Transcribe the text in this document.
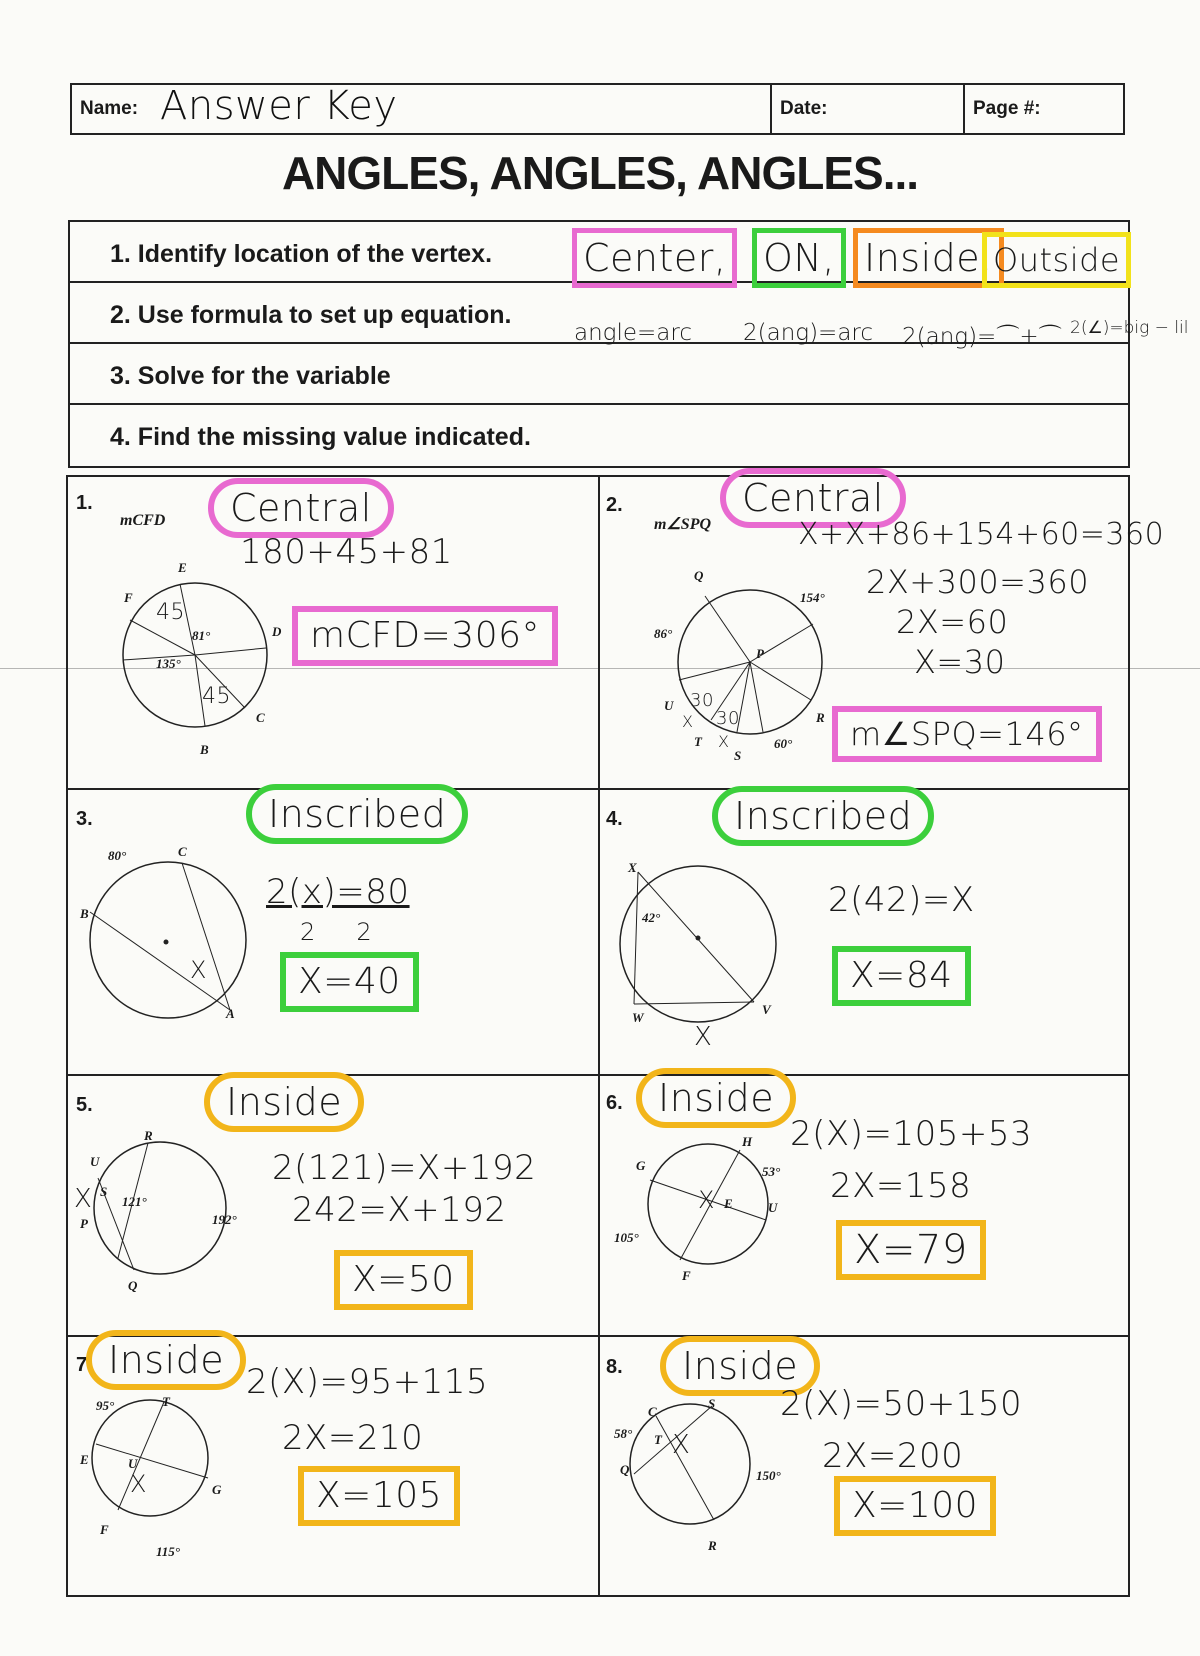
Name: Answer Key	Date:	Page #:
ANGLES, ANGLES, ANGLES...
1. Identify location of the vertex.
2. Use formula to set up equation.
3. Solve for the variable
4. Find the missing value indicated.
Center, ON, Inside, Outside
angle=arc 2(ang)=arc 2(ang)=⌒+⌒ 2(∠)=big − lil
1.
mCFD	Central
180+45+81
mCFD=306°
E
F
D
C
B
45
81°
135°
45
2.
m∠SPQ
Central
X+X+86+154+60=360
2X+300=360
2X=60
X=30
m∠SPQ=146°
Q
P
R
U
T
S
86°
154°
60°
30
30
X
X
3.	Inscribed
2(x)=80
2     2
X=40
80°	C
B
A
X
4.	Inscribed
2(42)=X
X=84
X
42°
W
V
X
5.	Inside
2(121)=X+192
242=X+192
X=50
R
U
S
P
Q
121°
192°
X
6. Inside
2(X)=105+53
2X=158
X=79
H
G	53°
E	U
105°
F
X
7. Inside 2(X)=95+115
2X=210
X=105
95°	T
E
G
F
115°
U
X
8.	Inside
2(X)=50+150
2X=200
X=100
C
S
58° T
Q	150°
R
X
